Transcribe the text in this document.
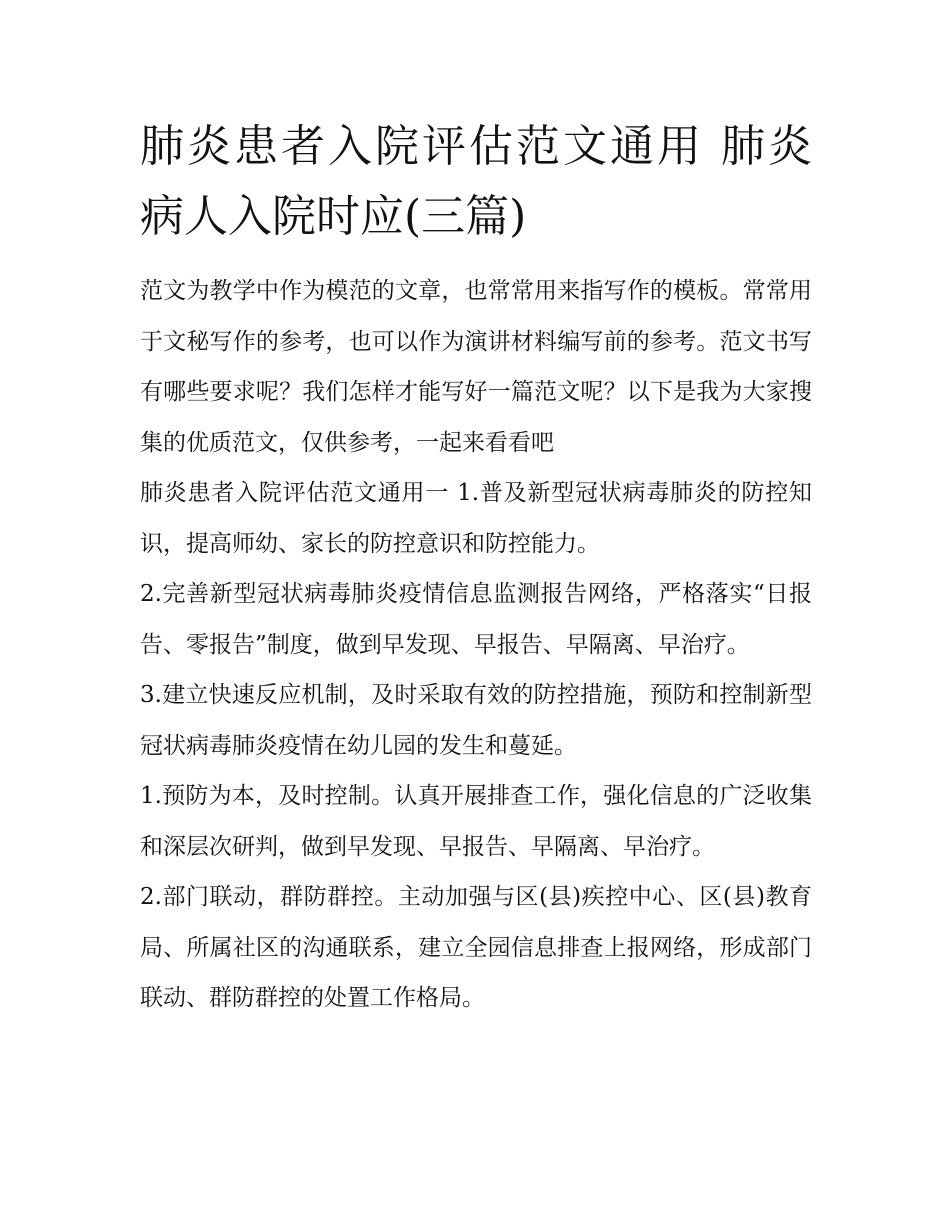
肺炎患者入院评估范文通用 肺炎病人入院时应(三篇)

范文为教学中作为模范的文章，也常常用来指写作的模板。常常用于文秘写作的参考，也可以作为演讲材料编写前的参考。范文书写有哪些要求呢？我们怎样才能写好一篇范文呢？以下是我为大家搜集的优质范文，仅供参考，一起来看看吧

肺炎患者入院评估范文通用一 1.普及新型冠状病毒肺炎的防控知识，提高师幼、家长的防控意识和防控能力。

2.完善新型冠状病毒肺炎疫情信息监测报告网络，严格落实“日报告、零报告”制度，做到早发现、早报告、早隔离、早治疗。

3.建立快速反应机制，及时采取有效的防控措施，预防和控制新型冠状病毒肺炎疫情在幼儿园的发生和蔓延。

1.预防为本，及时控制。认真开展排查工作，强化信息的广泛收集和深层次研判，做到早发现、早报告、早隔离、早治疗。

2.部门联动，群防群控。主动加强与区(县)疾控中心、区(县)教育局、所属社区的沟通联系，建立全园信息排查上报网络，形成部门联动、群防群控的处置工作格局。
